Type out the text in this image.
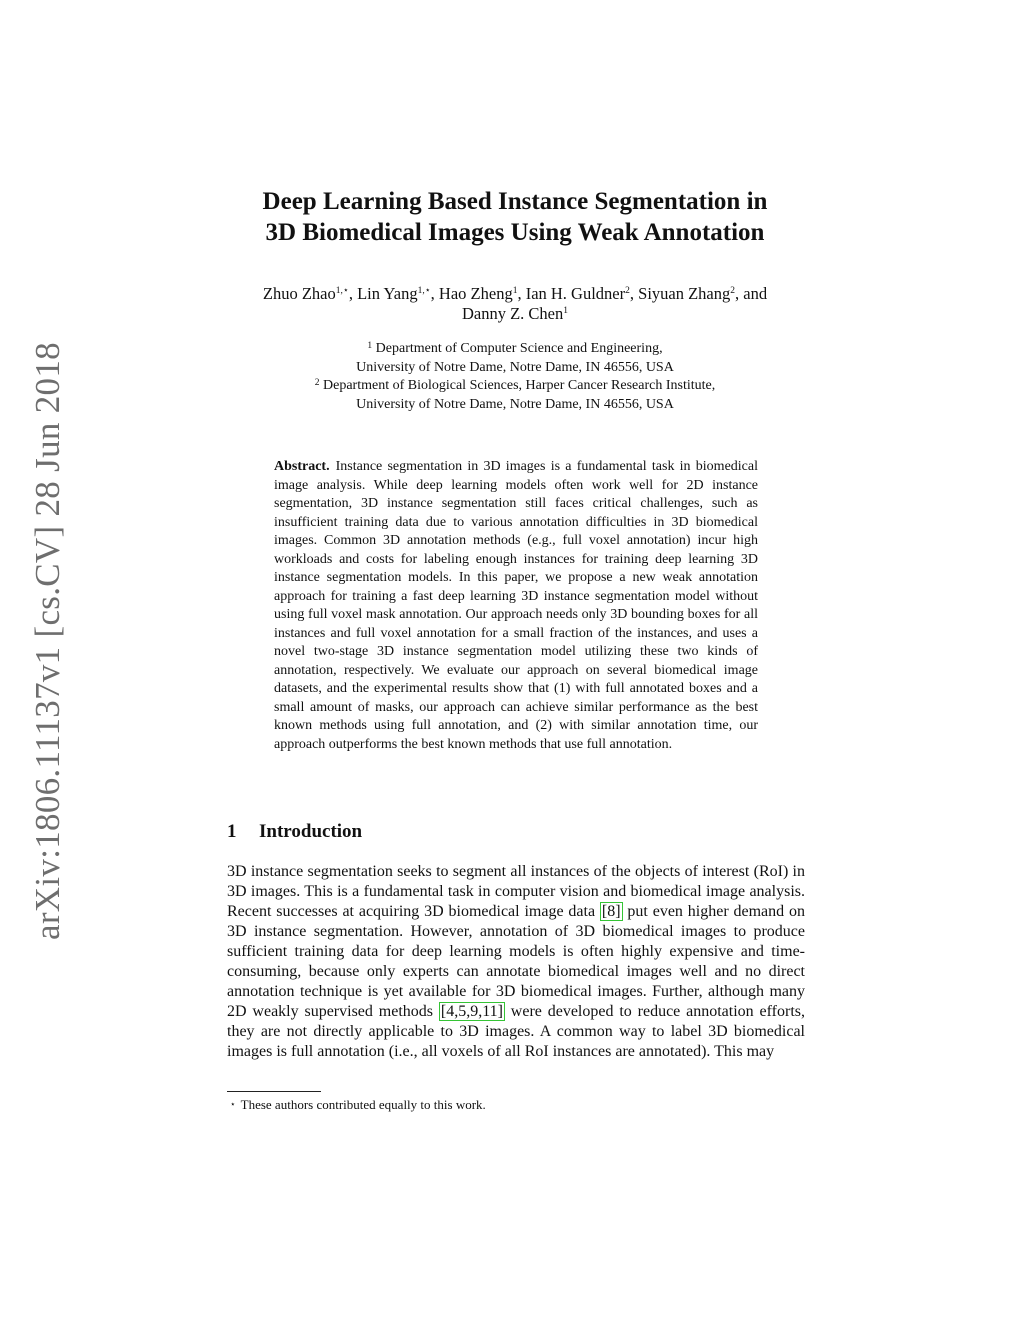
arXiv:1806.11137v1 [cs.CV] 28 Jun 2018
Deep Learning Based Instance Segmentation in
3D Biomedical Images Using Weak Annotation
Zhuo Zhao$^{1,⋆}$, Lin Yang$^{1,⋆}$, Hao Zheng$^1$, Ian H. Guldner$^2$, Siyuan Zhang$^2$, and
Danny Z. Chen$^1$
$^1$ Department of Computer Science and Engineering,
University of Notre Dame, Notre Dame, IN 46556, USA
$^2$ Department of Biological Sciences, Harper Cancer Research Institute,
University of Notre Dame, Notre Dame, IN 46556, USA
Abstract. Instance segmentation in 3D images is a fundamental task in biomedical image analysis. While deep learning models often work well for 2D instance segmentation, 3D instance segmentation still faces critical challenges, such as insufficient training data due to various annotation difficulties in 3D biomedical images. Common 3D annotation methods (e.g., full voxel annotation) incur high workloads and costs for labeling enough instances for training deep learning 3D instance segmentation models. In this paper, we propose a new weak annotation approach for training a fast deep learning 3D instance segmentation model without using full voxel mask annotation. Our approach needs only 3D bounding boxes for all instances and full voxel annotation for a small fraction of the instances, and uses a novel two-stage 3D instance segmentation model utilizing these two kinds of annotation, respectively. We evaluate our approach on several biomedical image datasets, and the experimental results show that (1) with full annotated boxes and a small amount of masks, our approach can achieve similar performance as the best known methods using full annotation, and (2) with similar annotation time, our approach outperforms the best known methods that use full annotation.
1 Introduction
3D instance segmentation seeks to segment all instances of the objects of interest (RoI) in 3D images. This is a fundamental task in computer vision and biomedical image analysis. Recent successes at acquiring 3D biomedical image data [8] put even higher demand on 3D instance segmentation. However, annotation of 3D biomedical images to produce sufficient training data for deep learning models is often highly expensive and time-consuming, because only experts can annotate biomedical images well and no direct annotation technique is yet available for 3D biomedical images. Further, although many 2D weakly supervised methods [4,5,9,11] were developed to reduce annotation efforts, they are not directly applicable to 3D images. A common way to label 3D biomedical images is full annotation (i.e., all voxels of all RoI instances are annotated). This may
⋆ These authors contributed equally to this work.
